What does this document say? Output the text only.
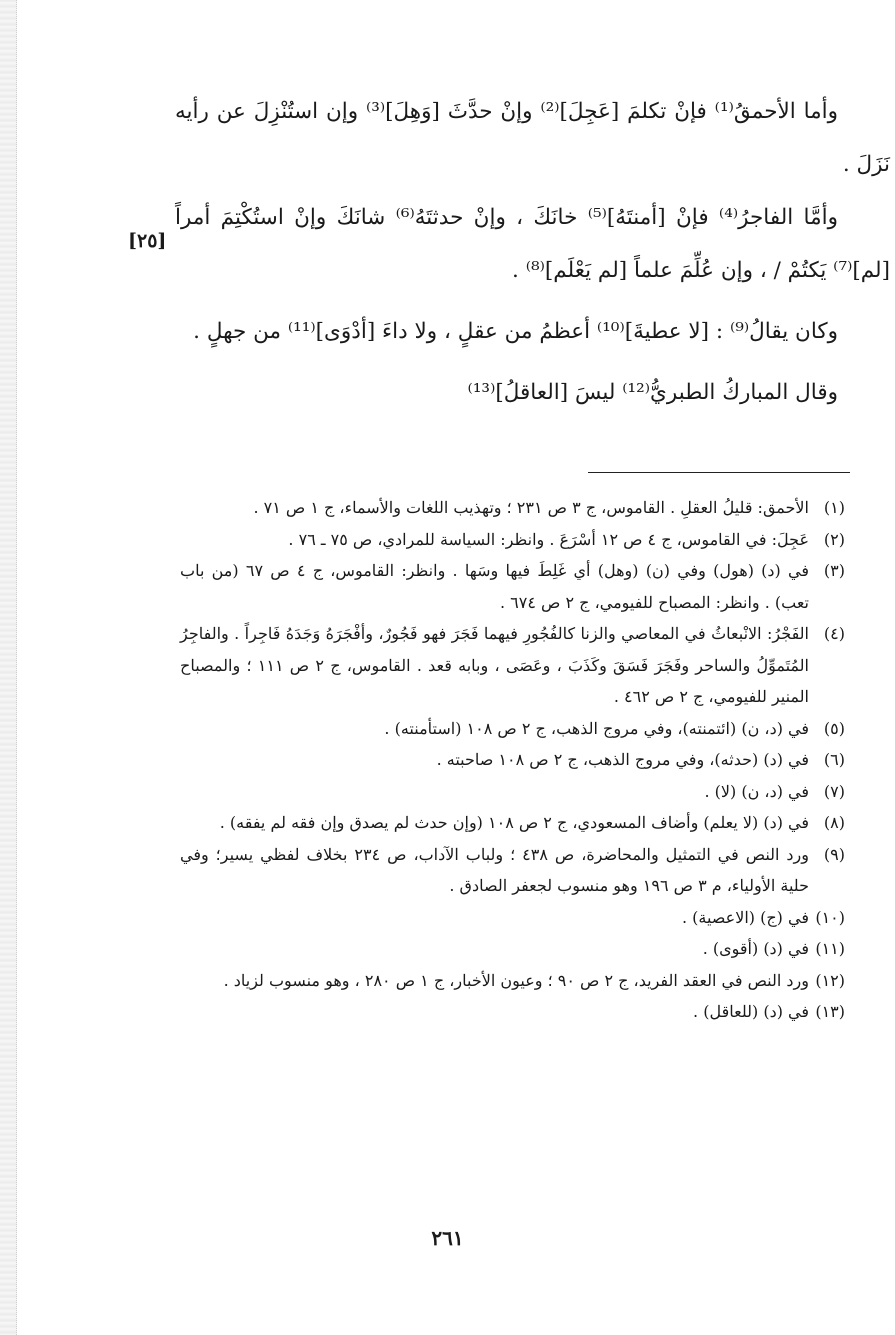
[٢٥]

وأما الأحمقُ⁽¹⁾ فإنْ تكلمَ [عَجِلَ]⁽²⁾ وإنْ حدَّثَ [وَهِلَ]⁽³⁾ وإن استُنْزِلَ عن رأيه نَزَلَ .

وأمَّا الفاجرُ⁽⁴⁾ فإنْ [أمنتَهُ]⁽⁵⁾ خانَكَ ، وإنْ حدثتَهُ⁽⁶⁾ شانَكَ وإنْ استُكْتِمَ أمراً [لم]⁽⁷⁾ يَكتُمْ / ، وإن عُلِّمَ علماً [لم يَعْلَم]⁽⁸⁾ .

وكان يقالُ⁽⁹⁾ : [لا عطيةَ]⁽¹⁰⁾ أعظمُ من عقلٍ ، ولا داءَ [أدْوَى]⁽¹¹⁾ من جهلٍ .

وقال المباركُ الطبريُّ⁽¹²⁾ ليسَ [العاقلُ]⁽¹³⁾

(١)
الأحمق: قليلُ العقلِ . القاموس، ج ٣ ص ٢٣١ ؛ وتهذيب اللغات والأسماء، ج ١ ص ٧١ .
(٢)
عَجِلَ: في القاموس، ج ٤ ص ١٢ أسْرَعَ . وانظر: السياسة للمرادي، ص ٧٥ ـ ٧٦ .
(٣)
في (د) (هول) وفي (ن) (وهل) أي غَلِطَ فيها وسَها . وانظر: القاموس، ج ٤ ص ٦٧ (من باب تعب) . وانظر: المصباح للفيومي، ج ٢ ص ٦٧٤ .
(٤)
الفَجْرُ: الانْبعاثُ في المعاصي والزنا كالفُجُورِ فيهما فَجَرَ فهو فَجُورٌ، وأفْجَرَهُ وَجَدَهُ فَاجِراً . والفاجِرُ المُتَموِّلُ والساحر وفَجَرَ فَسَقَ وكَذَبَ ، وعَصَى ، وبابه قعد . القاموس، ج ٢ ص ١١١ ؛ والمصباح المنير للفيومي، ج ٢ ص ٤٦٢ .
(٥)
في (د، ن) (ائتمنته)، وفي مروج الذهب، ج ٢ ص ١٠٨ (استأمنته) .
(٦)
في (د) (حدثه)، وفي مروج الذهب، ج ٢ ص ١٠٨ صاحبته .
(٧)
في (د، ن) (لا) .
(٨)
في (د) (لا يعلم) وأضاف المسعودي، ج ٢ ص ١٠٨ (وإن حدث لم يصدق وإن فقه لم يفقه) .
(٩)
ورد النص في التمثيل والمحاضرة، ص ٤٣٨ ؛ ولباب الآداب، ص ٢٣٤ بخلاف لفظي يسير؛ وفي حلية الأولياء، م ٣ ص ١٩٦ وهو منسوب لجعفر الصادق .
(١٠)
في (ج) (الاعصية) .
(١١)
في (د) (أقوى) .
(١٢)
ورد النص في العقد الفريد، ج ٢ ص ٩٠ ؛ وعيون الأخبار، ج ١ ص ٢٨٠ ، وهو منسوب لزياد .
(١٣)
في (د) (للعاقل) .
٢٦١
